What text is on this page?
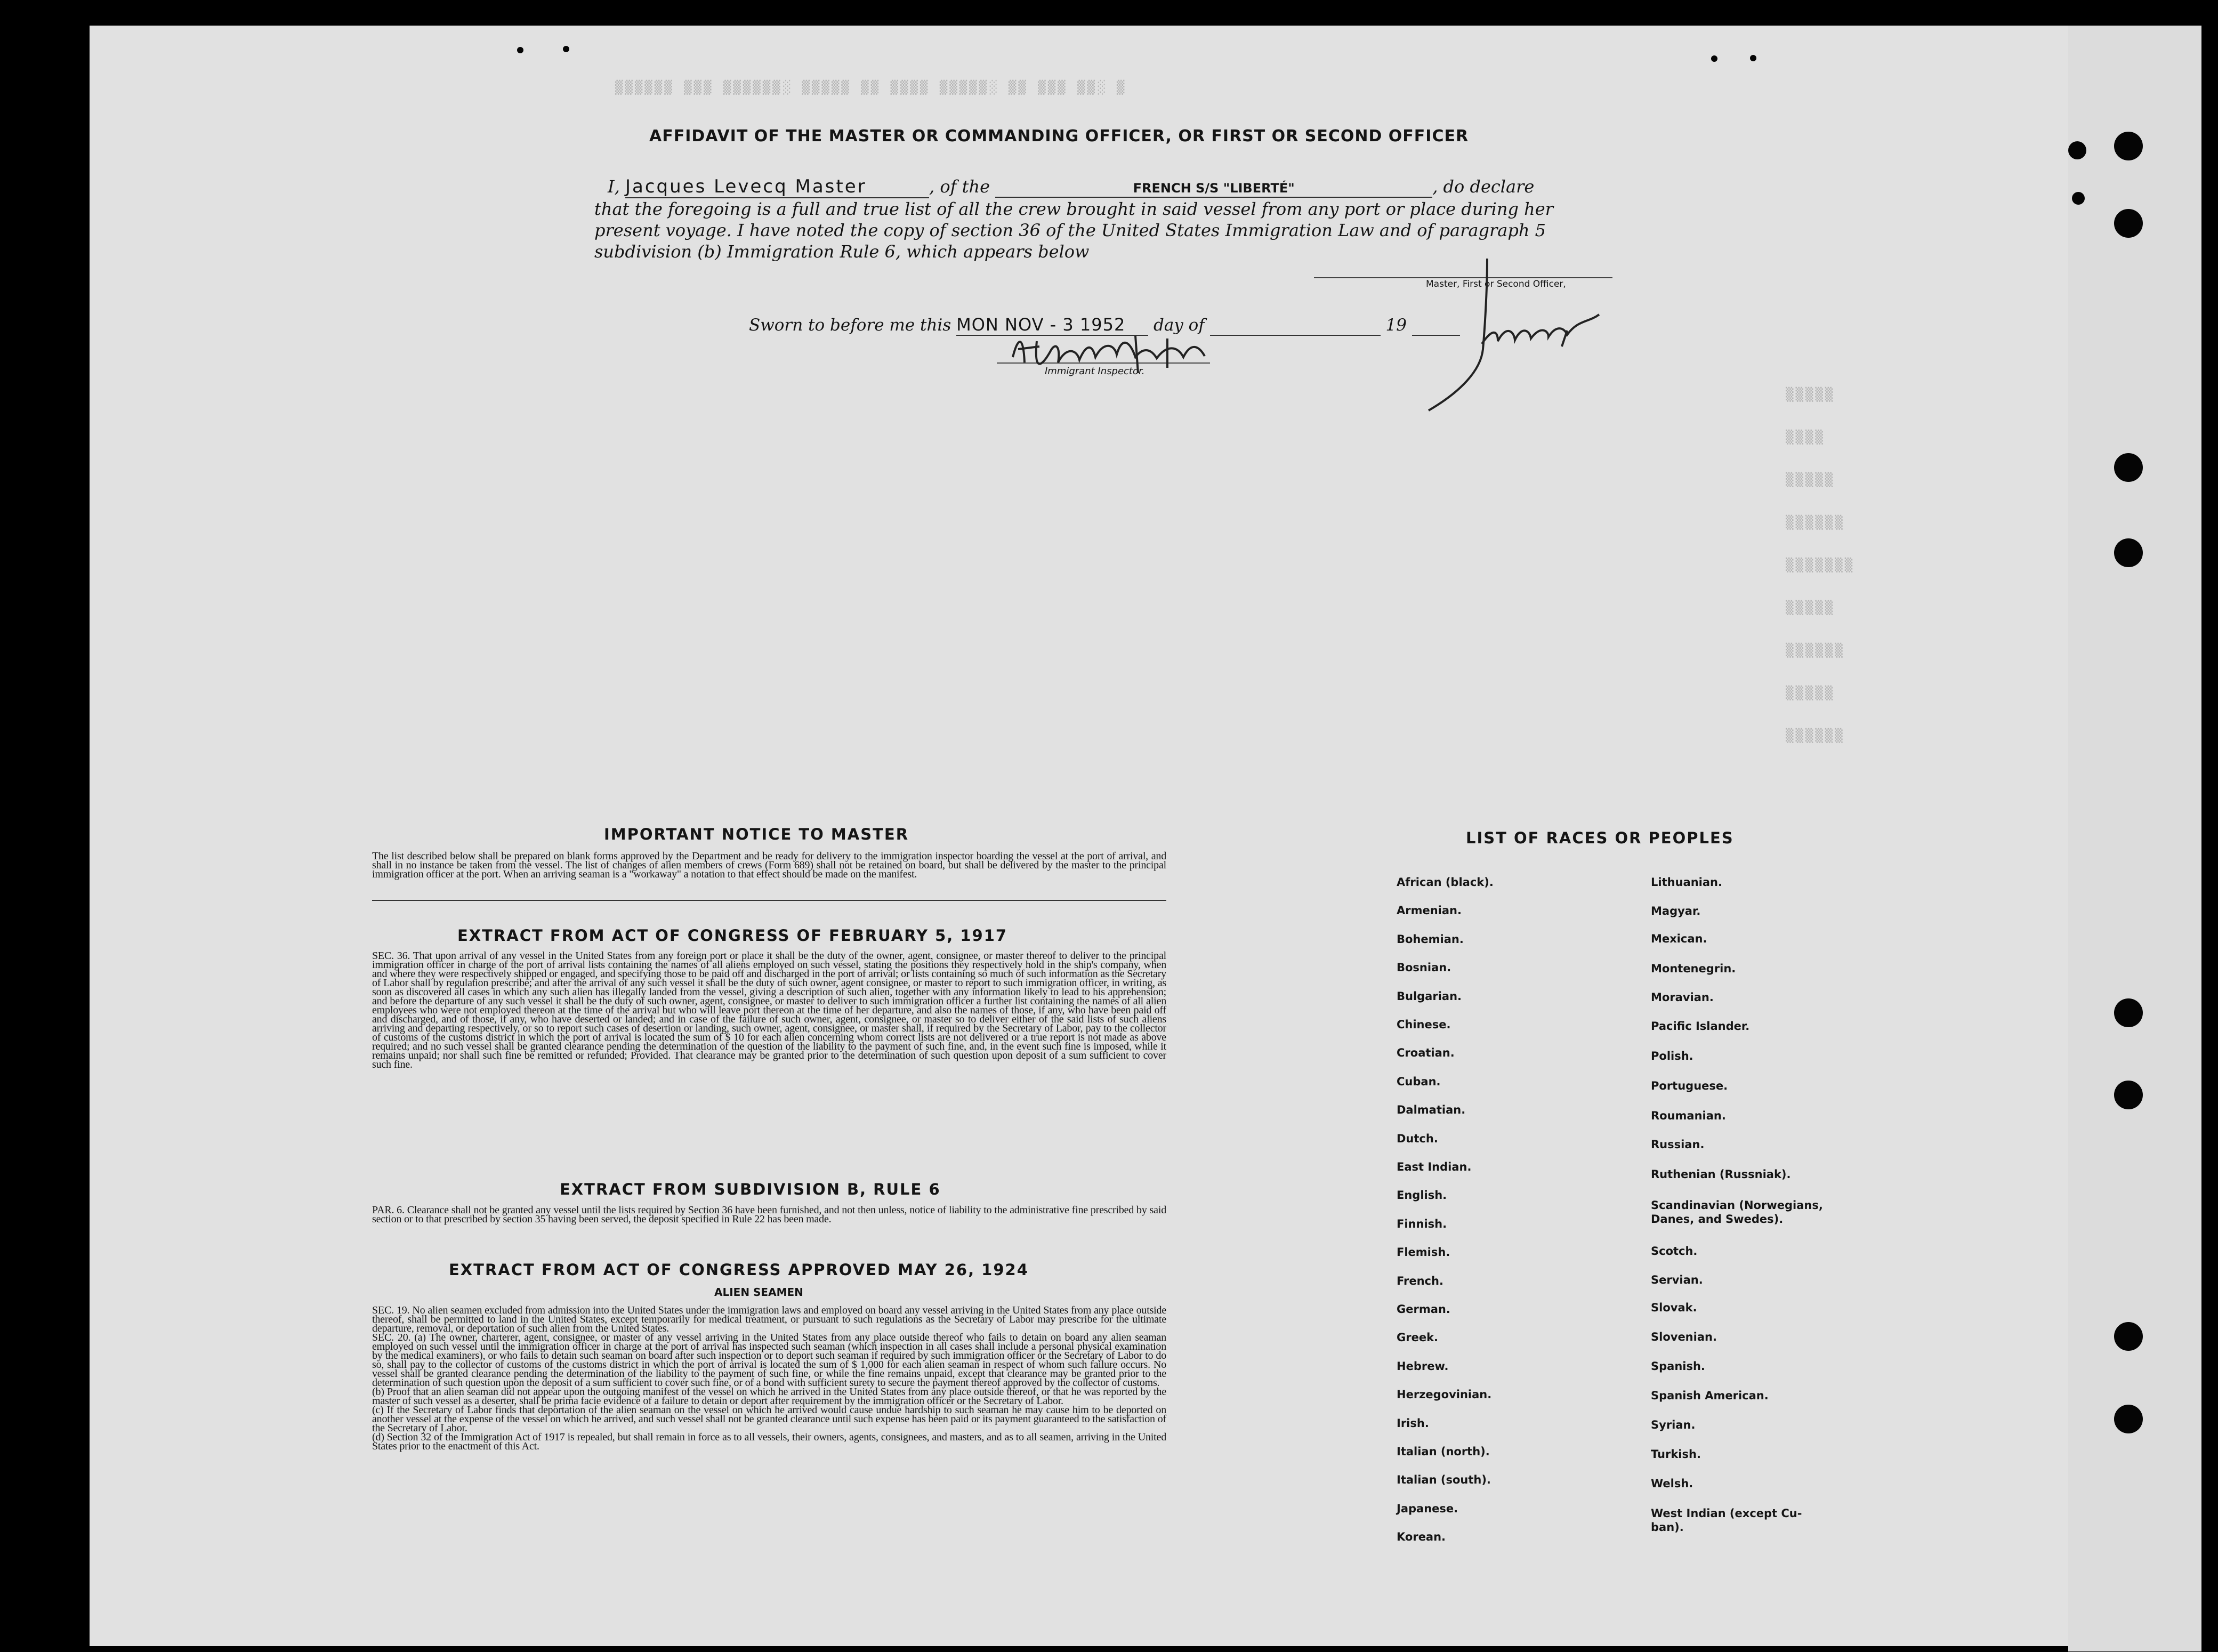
▒ ░▒▒ ▒▒▒ ▒▒ ░▒▒▒▒▒ ▒▒▒▒ ▒▒ ▒▒▒▒▒ ░▒▒▒▒▒▒ ▒▒▒ ▒▒▒▒▒▒
▒▒▒▒▒
▒▒▒▒
▒▒▒▒▒
▒▒▒▒▒▒
▒▒▒▒▒▒▒
▒▒▒▒▒
▒▒▒▒▒▒
▒▒▒▒▒
▒▒▒▒▒▒
AFFIDAVIT OF THE MASTER OR COMMANDING OFFICER, OR FIRST OR SECOND OFFICER
I, Jacques Levecq Master	, of the	FRENCH S/S "LIBERTÉ"	, do declare
that the foregoing is a full and true list of all the crew brought in said vessel from any port or place during her
present voyage. I have noted the copy of section 36 of the United States Immigration Law and of paragraph 5
subdivision (b) Immigration Rule 6, which appears below
Master, First or Second Officer,
Sworn to before me this MON NOV - 3 1952 day of	19
Immigrant Inspector.
IMPORTANT NOTICE TO MASTER
The list described below shall be prepared on blank forms approved by the Department and be ready for delivery to the immigration inspector boarding the vessel at the port of arrival, and shall in no instance be taken from the vessel. The list of changes of alien members of crews (Form 689) shall not be retained on board, but shall be delivered by the master to the principal immigration officer at the port. When an arriving seaman is a "workaway" a notation to that effect should be made on the manifest.
EXTRACT FROM ACT OF CONGRESS OF FEBRUARY 5, 1917
SEC. 36. That upon arrival of any vessel in the United States from any foreign port or place it shall be the duty of the owner, agent, consignee, or master thereof to deliver to the principal immigration officer in charge of the port of arrival lists containing the names of all aliens employed on such vessel, stating the positions they respectively hold in the ship's company, when and where they were respectively shipped or engaged, and specifying those to be paid off and discharged in the port of arrival; or lists containing so much of such information as the Secretary of Labor shall by regulation prescribe; and after the arrival of any such vessel it shall be the duty of such owner, agent consignee, or master to report to such immigration officer, in writing, as soon as discovered all cases in which any such alien has illegally landed from the vessel, giving a description of such alien, together with any information likely to lead to his apprehension; and before the departure of any such vessel it shall be the duty of such owner, agent, consignee, or master to deliver to such immigration officer a further list containing the names of all alien employees who were not employed thereon at the time of the arrival but who will leave port thereon at the time of her departure, and also the names of those, if any, who have been paid off and discharged, and of those, if any, who have deserted or landed; and in case of the failure of such owner, agent, consignee, or master so to deliver either of the said lists of such aliens arriving and departing respectively, or so to report such cases of desertion or landing, such owner, agent, consignee, or master shall, if required by the Secretary of Labor, pay to the collector of customs of the customs district in which the port of arrival is located the sum of $ 10 for each alien concerning whom correct lists are not delivered or a true report is not made as above required; and no such vessel shall be granted clearance pending the determination of the question of the liability to the payment of such fine, and, in the event such fine is imposed, while it remains unpaid; nor shall such fine be remitted or refunded; Provided. That clearance may be granted prior to the determination of such question upon deposit of a sum sufficient to cover such fine.
EXTRACT FROM SUBDIVISION B, RULE 6
PAR. 6. Clearance shall not be granted any vessel until the lists required by Section 36 have been furnished, and not then unless, notice of liability to the administrative fine prescribed by said section or to that prescribed by section 35 having been served, the deposit specified in Rule 22 has been made.
EXTRACT FROM ACT OF CONGRESS APPROVED MAY 26, 1924
ALIEN SEAMEN
SEC. 19. No alien seamen excluded from admission into the United States under the immigration laws and employed on board any vessel arriving in the United States from any place outside thereof, shall be permitted to land in the United States, except temporarily for medical treatment, or pursuant to such regulations as the Secretary of Labor may prescribe for the ultimate departure, removal, or deportation of such alien from the United States.
SEC. 20. (a) The owner, charterer, agent, consignee, or master of any vessel arriving in the United States from any place outside thereof who fails to detain on board any alien seaman employed on such vessel until the immigration officer in charge at the port of arrival has inspected such seaman (which inspection in all cases shall include a personal physical examination by the medical examiners), or who fails to detain such seaman on board after such inspection or to deport such seaman if required by such immigration officer or the Secretary of Labor to do so, shall pay to the collector of customs of the customs district in which the port of arrival is located the sum of $ 1,000 for each alien seaman in respect of whom such failure occurs. No vessel shall be granted clearance pending the determination of the liability to the payment of such fine, or while the fine remains unpaid, except that clearance may be granted prior to the determination of such question upon the deposit of a sum sufficient to cover such fine, or of a bond with sufficient surety to secure the payment thereof approved by the collector of customs.
(b) Proof that an alien seaman did not appear upon the outgoing manifest of the vessel on which he arrived in the United States from any place outside thereof, or that he was reported by the master of such vessel as a deserter, shall be prima facie evidence of a failure to detain or deport after requirement by the immigration officer or the Secretary of Labor.
(c) If the Secretary of Labor finds that deportation of the alien seaman on the vessel on which he arrived would cause undue hardship to such seaman he may cause him to be deported on another vessel at the expense of the vessel on which he arrived, and such vessel shall not be granted clearance until such expense has been paid or its payment guaranteed to the satisfaction of the Secretary of Labor.
(d) Section 32 of the Immigration Act of 1917 is repealed, but shall remain in force as to all vessels, their owners, agents, consignees, and masters, and as to all seamen, arriving in the United States prior to the enactment of this Act.
LIST OF RACES OR PEOPLES
African (black).
Armenian.
Bohemian.
Bosnian.
Bulgarian.
Chinese.
Croatian.
Cuban.
Dalmatian.
Dutch.
East Indian.
English.
Finnish.
Flemish.
French.
German.
Greek.
Hebrew.
Herzegovinian.
Irish.
Italian (north).
Italian (south).
Japanese.
Korean.
Lithuanian.
Magyar.
Mexican.
Montenegrin.
Moravian.
Pacific Islander.
Polish.
Portuguese.
Roumanian.
Russian.
Ruthenian (Russniak).
Scandinavian (Norwegians,
Danes, and Swedes).
Scotch.
Servian.
Slovak.
Slovenian.
Spanish.
Spanish American.
Syrian.
Turkish.
Welsh.
West Indian (except Cu-
ban).
